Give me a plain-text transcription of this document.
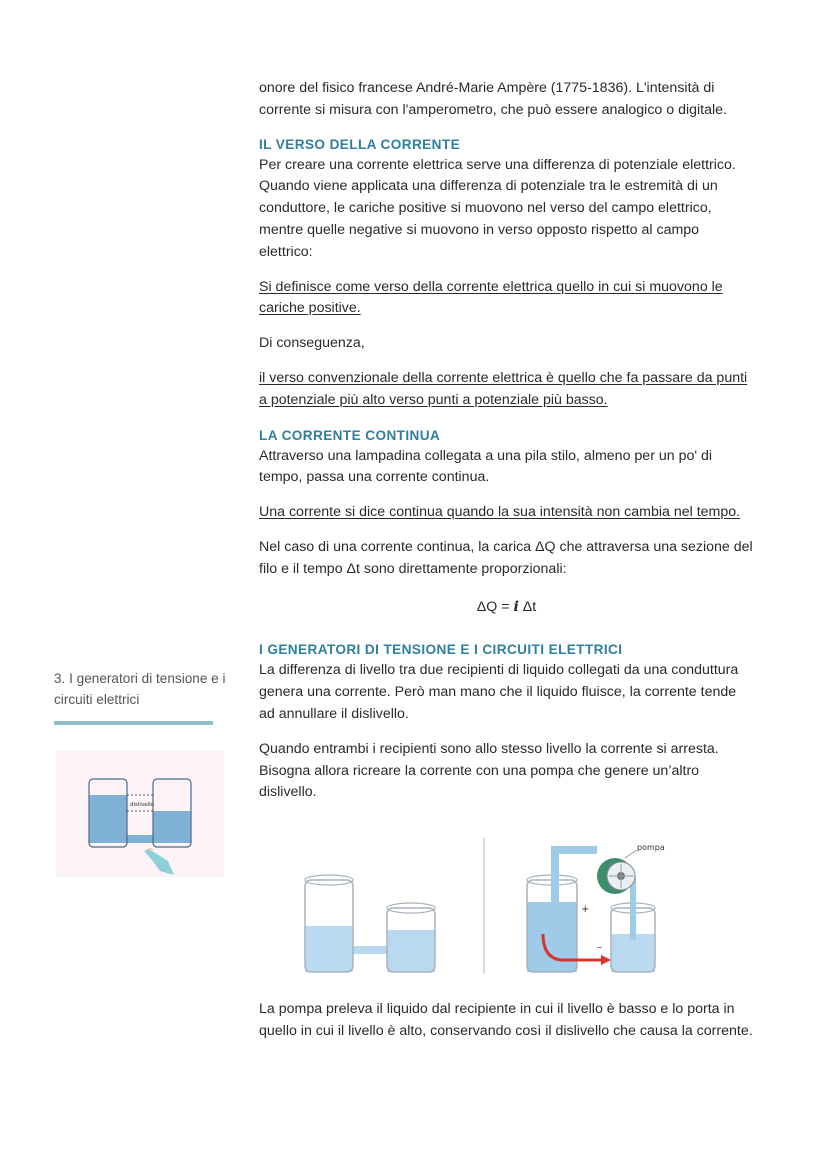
onore del fisico francese André-Marie Ampère (1775-1836). L'intensità di corrente si misura con l'amperometro, che può essere analogico o digitale.

IL VERSO DELLA CORRENTE

Per creare una corrente elettrica serve una differenza di potenziale elettrico. Quando viene applicata una differenza di potenziale tra le estremità di un conduttore, le cariche positive si muovono nel verso del campo elettrico, mentre quelle negative si muovono in verso opposto rispetto al campo elettrico:

Si definisce come verso della corrente elettrica quello in cui si muovono le cariche positive.

Di conseguenza,

il verso convenzionale della corrente elettrica è quello che fa passare da punti a potenziale più alto verso punti a potenziale più basso.

LA CORRENTE CONTINUA

Attraverso una lampadina collegata a una pila stilo, almeno per un po' di tempo, passa una corrente continua.

Una corrente si dice continua quando la sua intensità non cambia nel tempo.

Nel caso di una corrente continua, la carica ΔQ che attraversa una sezione del filo e il tempo Δt sono direttamente proporzionali:

ΔQ = i Δt
I GENERATORI DI TENSIONE E I CIRCUITI ELETTRICI

La differenza di livello tra due recipienti di liquido collegati da una conduttura genera una corrente. Però man mano che il liquido fluisce, la corrente tende ad annullare il dislivello.

Quando entrambi i recipienti sono allo stesso livello la corrente si arresta. Bisogna allora ricreare la corrente con una pompa che genere un’altro dislivello.

3. I generatori di tensione e i circuiti elettrici
dislivello
pompa
+
–

La pompa preleva il liquido dal recipiente in cui il livello è basso e lo porta in quello in cui il livello è alto, conservando così il dislivello che causa la corrente.
